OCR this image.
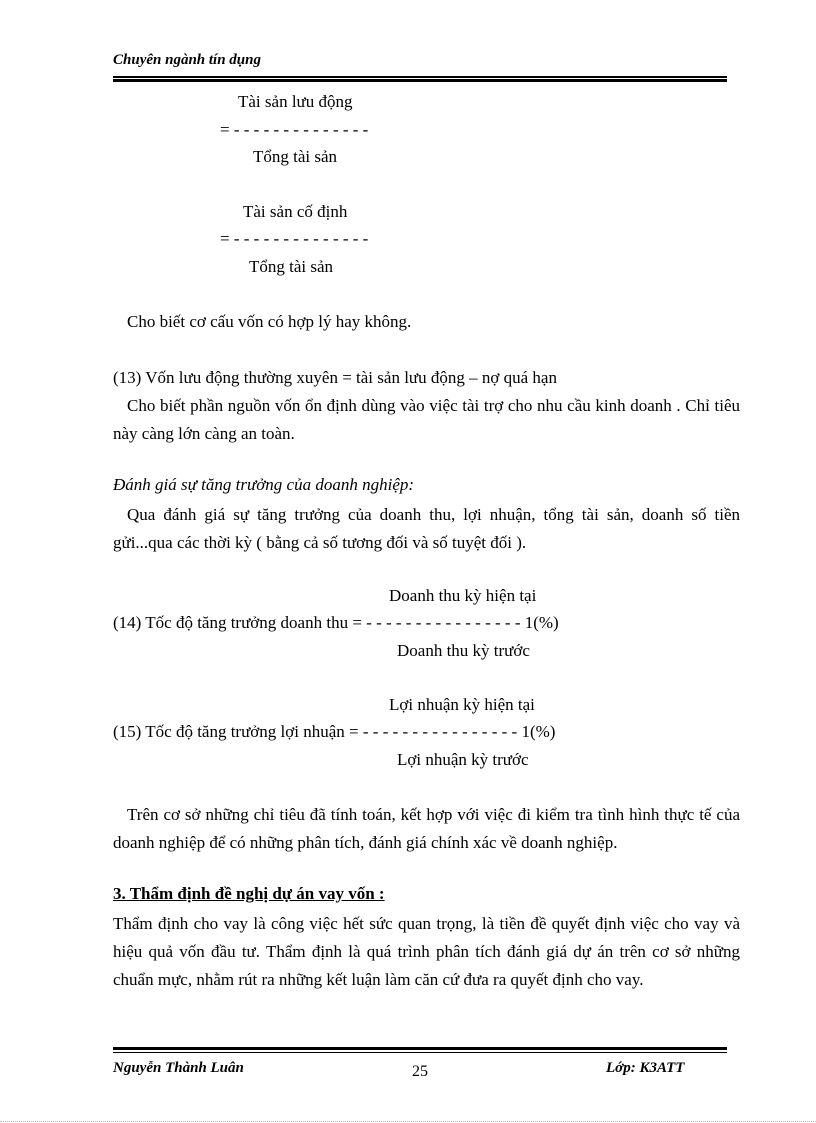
Chuyên ngành tín dụng
Tài sản lưu động
= - - - - - - - - - - - - - -
Tổng tài sản
Tài sản cố định
= - - - - - - - - - - - - - -
Tổng tài sản
Cho biết cơ cấu vốn có hợp lý hay không.
(13) Vốn lưu động thường xuyên = tài sản lưu động – nợ quá hạn
Cho biết phần nguồn vốn ổn định dùng vào việc tài trợ cho nhu cầu kinh doanh . Chỉ tiêu này càng lớn càng an toàn.
Đánh giá sự tăng trưởng của doanh nghiệp:
Qua đánh giá sự tăng trưởng của doanh thu, lợi nhuận, tổng tài sản, doanh số tiền gửi...qua các thời kỳ ( bằng cả số tương đối và số tuyệt đối ).
Doanh thu kỳ hiện tại
(14) Tốc độ tăng trưởng doanh thu = - - - - - - - - - - - - - - - - 1(%)
Doanh thu kỳ trước
Lợi nhuận kỳ hiện tại
(15) Tốc độ tăng trưởng lợi nhuận = - - - - - - - - - - - - - - - - 1(%)
Lợi nhuận kỳ trước
Trên cơ sở những chỉ tiêu đã tính toán, kết hợp với việc đi kiểm tra tình hình thực tế của doanh nghiệp để có những phân tích, đánh giá chính xác về doanh nghiệp.
3. Thẩm định đề nghị dự án vay vốn :
Thẩm định cho vay là công việc hết sức quan trọng, là tiền đề quyết định việc cho vay và hiệu quả vốn đầu tư. Thẩm định là quá trình phân tích đánh giá dự án trên cơ sở những chuẩn mực, nhằm rút ra những kết luận làm căn cứ đưa ra quyết định cho vay.
Nguyễn Thành Luân	25	Lớp: K3ATT
